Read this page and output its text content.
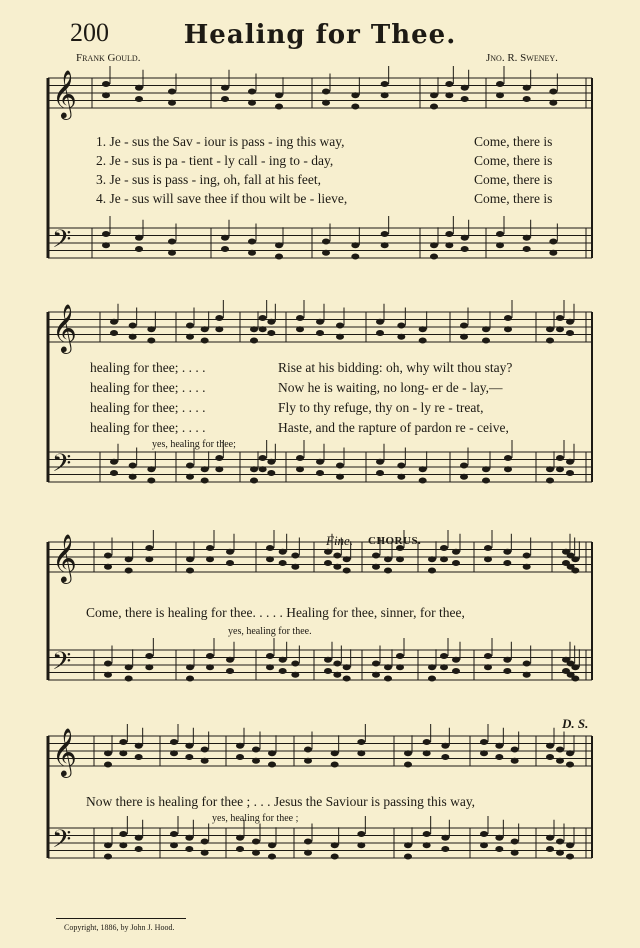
200	Healing for Thee.
Frank Gould.	Jno. R. Sweney.
𝄞
𝄢
𝄞
𝄢
𝄞
𝄢
𝄞
𝄢
1. Je - sus the Sav - iour is pass - ing this way,	Come, there is
2. Je - sus is pa - tient - ly call - ing to - day,	Come, there is
3. Je - sus is pass - ing, oh, fall at his feet,	Come, there is
4. Je - sus will save thee if thou wilt be - lieve,	Come, there is
healing for thee; . . . .	Rise at his bidding: oh, why wilt thou stay?
healing for thee; . . . .	Now he is waiting, no long- er de - lay,—
healing for thee; . . . .	Fly to thy refuge, thy on - ly re - treat,
healing for thee; . . . .	Haste, and the rapture of pardon re - ceive,
yes, healing for thee;
Fine. CHORUS.
Come, there is healing for thee. . . . . Healing for thee, sinner, for thee,
yes, healing for thee.
D. S.
Now there is healing for thee ; . . . Jesus the Saviour is passing this way,
yes, healing for thee ;
Copyright, 1886, by John J. Hood.
